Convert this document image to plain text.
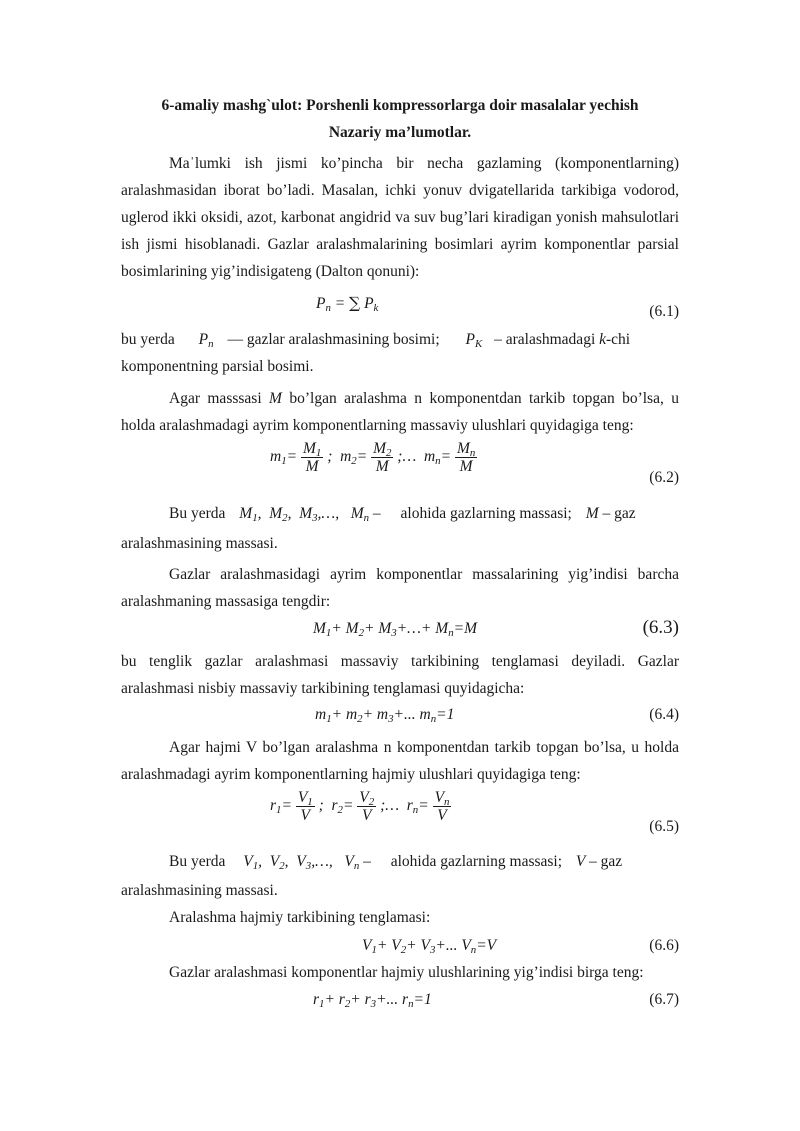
6-amaliy mashg`ulot: Porshenli kompressorlarga doir masalalar yechish
Nazariy ma’lumotlar.
Maˈlumki ish jismi ko’pincha bir necha gazlaming (komponentlarning) aralashmasidan iborat bo’ladi. Masalan, ichki yonuv dvigatellarida tarkibiga vodorod, uglerod ikki oksidi, azot, karbonat angidrid va suv bug’lari kiradigan yonish mahsulotlari ish jismi hisoblanadi. Gazlar aralashmalarining bosimlari ayrim komponentlar parsial bosimlarining yig’indisigateng (Dalton qonuni):
$P_n$ = ∑ $P_k$	(6.1)
bu yerda $P_n$ — gazlar aralashmasining bosimi; $P_K$ – aralashmadagi k-chi
komponentning parsial bosimi.
Agar masssasi M bo’lgan aralashma n komponentdan tarkib topgan bo’lsa, u holda aralashmadagi ayrim komponentlarning massaviy ulushlari quyidagiga teng:
$m_1= \frac{M_1}{M}$ ;  $m_2= \frac{M_2}{M}$ ;…  $m_n= \frac{M_n}{M}$
(6.2)
Bu yerda $M_1$,  $M_2$,  $M_3,\dots$,   $M_n$ – alohida gazlarning massasi; M – gaz
aralashmasining massasi.
Gazlar aralashmasidagi ayrim komponentlar massalarining yig’indisi barcha aralashmaning massasiga tengdir:
$M_1+ M_2+$ $M_3+\dots+ M_n=M$	(6.3)
bu tenglik gazlar aralashmasi massaviy tarkibining tenglamasi deyiladi. Gazlar aralashmasi nisbiy massaviy tarkibining tenglamasi quyidagicha:
$m_1+ m_2+ m_3+$... $m_n=1$	(6.4)
Agar hajmi V bo’lgan aralashma n komponentdan tarkib topgan bo’lsa, u holda aralashmadagi ayrim komponentlarning hajmiy ulushlari quyidagiga teng:
$r_1= \frac{V_1}{V}$ ;  $r_2= \frac{V_2}{V}$ ;…  $r_n= \frac{V_n}{V}$
(6.5)
Bu yerda $V_1$,  $V_2$,  $V_3,\dots$,   $V_n$ – alohida gazlarning massasi; V – gaz
aralashmasining massasi.
Aralashma hajmiy tarkibining tenglamasi:
$V_1+ V_2+ V_3+$... $V_n=V$	(6.6)
Gazlar aralashmasi komponentlar hajmiy ulushlarining yig’indisi birga teng:
$r_1+ r_2+ r_3+$... $r_n=1$	(6.7)
